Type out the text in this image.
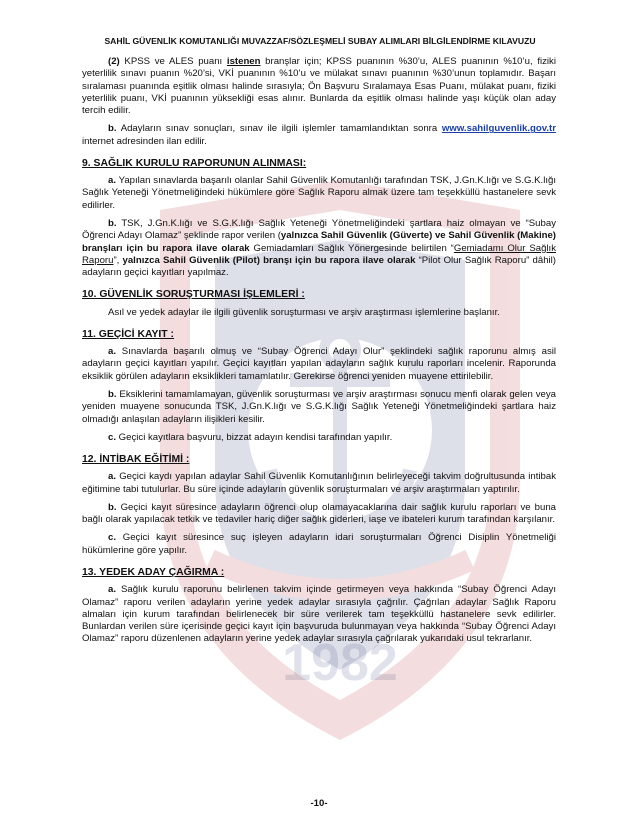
1982
SAHİL GÜVENLİK KOMUTANLIĞI MUVAZZAF/SÖZLEŞMELİ SUBAY ALIMLARI BİLGİLENDİRME KILAVUZU

(2) KPSS ve ALES puanı istenen branşlar için; KPSS puanının %30’u, ALES puanının %10’u, fiziki yeterlilik sınavı puanın %20’si, VKİ puanının %10’u ve mülakat sınavı puanının %30’unun toplamıdır. Başarı sıralaması puanında eşitlik olması halinde sırasıyla; Ön Başvuru Sıralamaya Esas Puanı, mülakat puanı, fiziki yeterlilik puanı, VKİ puanının yüksekliği esas alınır. Bunlarda da eşitlik olması halinde yaşı küçük olan aday tercih edilir.

b. Adayların sınav sonuçları, sınav ile ilgili işlemler tamamlandıktan sonra www.sahilguvenlik.gov.tr internet adresinden ilan edilir.

9. SAĞLIK KURULU RAPORUNUN ALINMASI:

a. Yapılan sınavlarda başarılı olanlar Sahil Güvenlik Komutanlığı tarafından TSK, J.Gn.K.lığı ve S.G.K.lığı Sağlık Yeteneği Yönetmeliğindeki hükümlere göre Sağlık Raporu almak üzere tam teşekküllü hastanelere sevk edilirler.

b. TSK, J.Gn.K.lığı ve S.G.K.lığı Sağlık Yeteneği Yönetmeliğindeki şartlara haiz olmayan ve “Subay Öğrenci Adayı Olamaz” şeklinde rapor verilen (yalnızca Sahil Güvenlik (Güverte) ve Sahil Güvenlik (Makine) branşları için bu rapora ilave olarak Gemiadamları Sağlık Yönergesinde belirtilen “Gemiadamı Olur Sağlık Raporu”, yalnızca Sahil Güvenlik (Pilot) branşı için bu rapora ilave olarak “Pilot Olur Sağlık Raporu” dâhil) adayların geçici kayıtları yapılmaz.

10. GÜVENLİK SORUŞTURMASI İŞLEMLERİ :

Asıl ve yedek adaylar ile ilgili güvenlik soruşturması ve arşiv araştırması işlemlerine başlanır.

11. GEÇİCİ KAYIT :

a. Sınavlarda başarılı olmuş ve “Subay Öğrenci Adayı Olur” şeklindeki sağlık raporunu almış asil adayların geçici kayıtları yapılır. Geçici kayıtları yapılan adayların sağlık kurulu raporları incelenir. Raporunda eksiklik görülen adayların eksiklikleri tamamlatılır. Gerekirse öğrenci yeniden muayene ettirilebilir.

b. Eksiklerini tamamlamayan, güvenlik soruşturması ve arşiv araştırması sonucu menfi olarak gelen veya yeniden muayene sonucunda TSK, J.Gn.K.lığı ve S.G.K.lığı Sağlık Yeteneği Yönetmeliğindeki şartlara haiz olmadığı anlaşılan adayların ilişikleri kesilir.

c. Geçici kayıtlara başvuru, bizzat adayın kendisi tarafından yapılır.

12. İNTİBAK EĞİTİMİ :

a. Geçici kaydı yapılan adaylar Sahil Güvenlik Komutanlığının belirleyeceği takvim doğrultusunda intibak eğitimine tabi tutulurlar. Bu süre içinde adayların güvenlik soruşturmaları ve arşiv araştırmaları yaptırılır.

b. Geçici kayıt süresince adayların öğrenci olup olamayacaklarına dair sağlık kurulu raporları ve buna bağlı olarak yapılacak tetkik ve tedaviler hariç diğer sağlık giderleri, iaşe ve ibateleri kurum tarafından karşılanır.

c. Geçici kayıt süresince suç işleyen adayların idari soruşturmaları Öğrenci Disiplin Yönetmeliği hükümlerine göre yapılır.

13. YEDEK ADAY ÇAĞIRMA :

a. Sağlık kurulu raporunu belirlenen takvim içinde getirmeyen veya hakkında “Subay Öğrenci Adayı Olamaz” raporu verilen adayların yerine yedek adaylar sırasıyla çağrılır. Çağrılan adaylar Sağlık Raporu almaları için kurum tarafından belirlenecek bir süre verilerek tam teşekküllü hastanelere sevk edilirler. Bunlardan verilen süre içerisinde geçici kayıt için başvuruda bulunmayan veya hakkında “Subay Öğrenci Adayı Olamaz” raporu düzenlenen adayların yerine yedek adaylar sırasıyla çağrılarak yukarıdaki usul tekrarlanır.

-10-
